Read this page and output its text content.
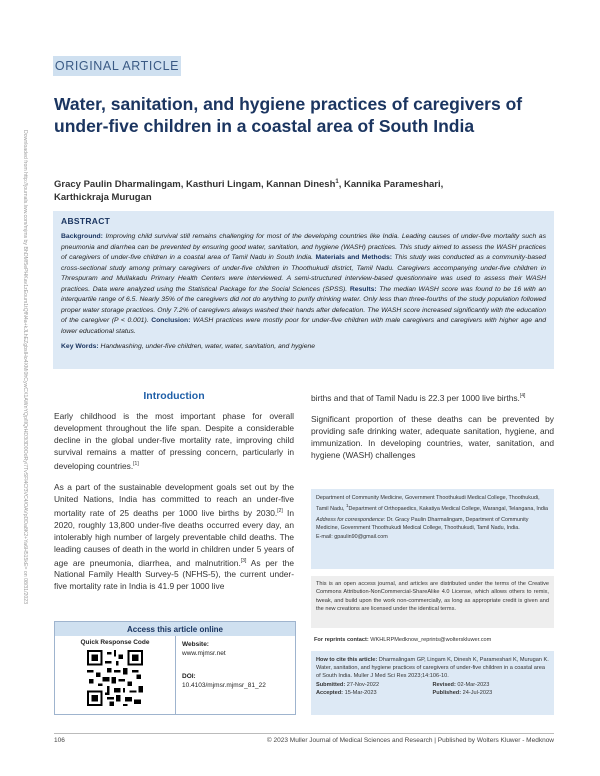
Downloaded from http://journals.lww.com/mjms by BhDMf5ePHKav1zEoum1tQfN4a+kJLhEZgbsIHo4XMi0hCywCX1AWnYQp/IlQrHD3i3D0OdRyi7TvSFl4Cf3VC4/OAVpDDa8K2+Ya6H515kE= on 08/31/2023
ORIGINAL ARTICLE
Water, sanitation, and hygiene practices of caregivers of under-five children in a coastal area of South India
Gracy Paulin Dharmalingam, Kasthuri Lingam, Kannan Dinesh$^1$, Kannika Parameshari,
Karthickraja Murugan
ABSTRACT
Background: Improving child survival still remains challenging for most of the developing countries like India. Leading causes of under-five mortality such as pneumonia and diarrhea can be prevented by ensuring good water, sanitation, and hygiene (WASH) practices. This study aimed to assess the WASH practices of caregivers of under-five children in a coastal area of Tamil Nadu in South India. Materials and Methods: This study was conducted as a community-based cross-sectional study among primary caregivers of under-five children in Thoothukudi district, Tamil Nadu. Caregivers accompanying under-five children in Threspuram and Mullakadu Primary Health Centers were interviewed. A semi-structured interview-based questionnaire was used to assess their WASH practices. Data were analyzed using the Statistical Package for the Social Sciences (SPSS). Results: The median WASH score was found to be 16 with an interquartile range of 6.5. Nearly 35% of the caregivers did not do anything to purify drinking water. Only less than three-fourths of the study population followed proper water storage practices. Only 7.2% of caregivers always washed their hands after defecation. The WASH score increased significantly with the education of the caregiver (P < 0.001). Conclusion: WASH practices were mostly poor for under-five children with male caregivers and caregivers with higher age and lower educational status.
Key Words: Handwashing, under-five children, water, water, sanitation, and hygiene
Introduction

Early childhood is the most important phase for overall development throughout the life span. Despite a considerable decline in the global under-five mortality rate, improving child survival remains a matter of pressing concern, particularly in developing countries.[1]

As a part of the sustainable development goals set out by the United Nations, India has committed to reach an under-five mortality rate of 25 deaths per 1000 live births by 2030.[2] In 2020, roughly 13,800 under-five deaths occurred every day, an intolerably high number of largely preventable child deaths. The leading causes of death in the world in children under 5 years of age are pneumonia, diarrhea, and malnutrition.[3] As per the National Family Health Survey-5 (NFHS-5), the current under-five mortality rate in India is 41.9 per 1000 live

births and that of Tamil Nadu is 22.3 per 1000 live births.[4]

Significant proportion of these deaths can be prevented by providing safe drinking water, adequate sanitation, hygiene, and immunization. In developing countries, water, sanitation, and hygiene (WASH) challenges

Department of Community Medicine, Government Thoothukudi Medical College, Thoothukudi, Tamil Nadu, $^1$Department of Orthopaedics, Kakatiya Medical College, Warangal, Telangana, India
Address for correspondence: Dr. Gracy Paulin Dharmalingam, Department of Community Medicine, Government Thoothukudi Medical College, Thoothukudi, Tamil Nadu, India.
E-mail: gpaulin90@gmail.com
This is an open access journal, and articles are distributed under the terms of the Creative Commons Attribution-NonCommercial-ShareAlike 4.0 License, which allows others to remix, tweak, and build upon the work non-commercially, as long as appropriate credit is given and the new creations are licensed under the identical terms.
For reprints contact: WKHLRPMedknow_reprints@wolterskluwer.com
How to cite this article: Dharmalingam GP, Lingam K, Dinesh K, Parameshari K, Murugan K. Water, sanitation, and hygiene practices of caregivers of under-five children in a coastal area of South India. Muller J Med Sci Res 2023;14:106-10.
Submitted: 27-Nov-2022	Revised: 02-Mar-2023
Accepted: 15-Mar-2023	Published: 24-Jul-2023
Access this article online
Quick Response Code	Website:
www.mjmsr.net
DOI:
10.4103/mjmsr.mjmsr_81_22
106	© 2023 Muller Journal of Medical Sciences and Research | Published by Wolters Kluwer - Medknow
